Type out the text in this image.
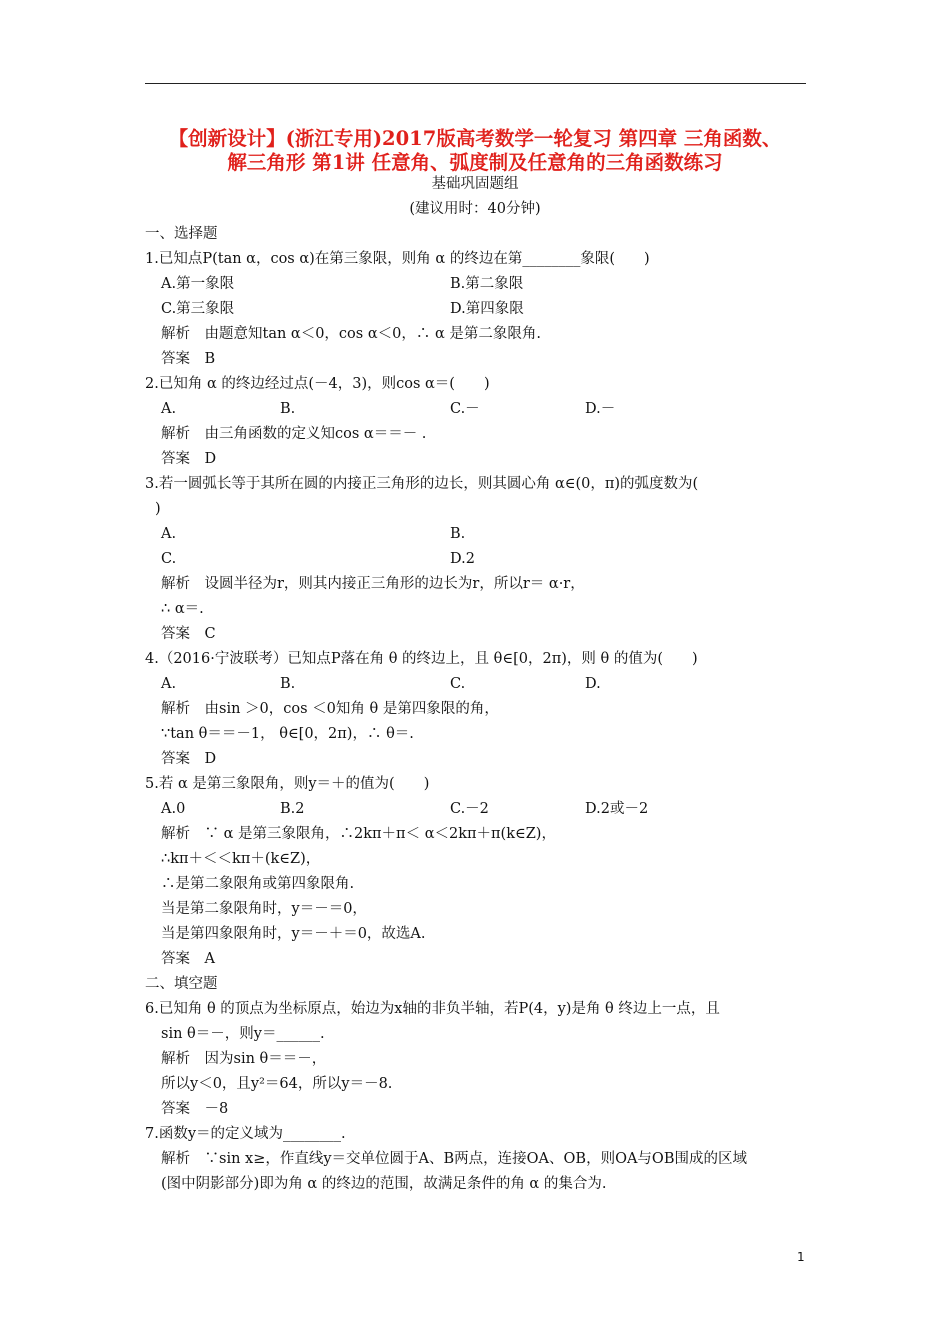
【创新设计】(浙江专用)2017版高考数学一轮复习 第四章 三角函数、
解三角形 第1讲 任意角、弧度制及任意角的三角函数练习
基础巩固题组
(建议用时：40分钟)
一、选择题
1.已知点P(tan α，cos α)在第三象限，则角 α 的终边在第________象限(　　)
A.第一象限	B.第二象限
C.第三象限	D.第四象限
解析　由题意知tan α＜0，cos α＜0，∴ α 是第二象限角.
答案　B
2.已知角 α 的终边经过点(－4，3)，则cos α＝(　　)
A.	B.	C.－	D.－
解析　由三角函数的定义知cos α＝＝－ .
答案　D
3.若一圆弧长等于其所在圆的内接正三角形的边长，则其圆心角 α∈(0，π)的弧度数为(
)
A.	B.
C.	D.2
解析　设圆半径为r，则其内接正三角形的边长为r，所以r＝ α·r，
∴ α＝.
答案　C
4.（2016·宁波联考）已知点P落在角 θ 的终边上，且 θ∈[0，2π)，则 θ 的值为(　　)
A.	B.	C.	D.
解析　由sin ＞0，cos ＜0知角 θ 是第四象限的角，
∵tan θ＝＝－1， θ∈[0，2π)，∴ θ＝.
答案　D
5.若 α 是第三象限角，则y＝＋的值为(　　)
A.0	B.2	C.－2	D.2或－2
解析　∵ α 是第三象限角，∴2kπ＋π＜ α＜2kπ＋π(k∈Z)，
∴kπ＋＜＜kπ＋(k∈Z)，
∴是第二象限角或第四象限角.
当是第二象限角时，y＝－＝0，
当是第四象限角时，y＝－＋＝0，故选A.
答案　A
二、填空题
6.已知角 θ 的顶点为坐标原点，始边为x轴的非负半轴，若P(4，y)是角 θ 终边上一点，且
sin θ＝－，则y＝______.
解析　因为sin θ＝＝－，
所以y＜0，且y²＝64，所以y＝－8.
答案　－8
7.函数y＝的定义域为________.
解析　∵sin x≥，作直线y＝交单位圆于A、B两点，连接OA、OB，则OA与OB围成的区域
(图中阴影部分)即为角 α 的终边的范围，故满足条件的角 α 的集合为.
1
